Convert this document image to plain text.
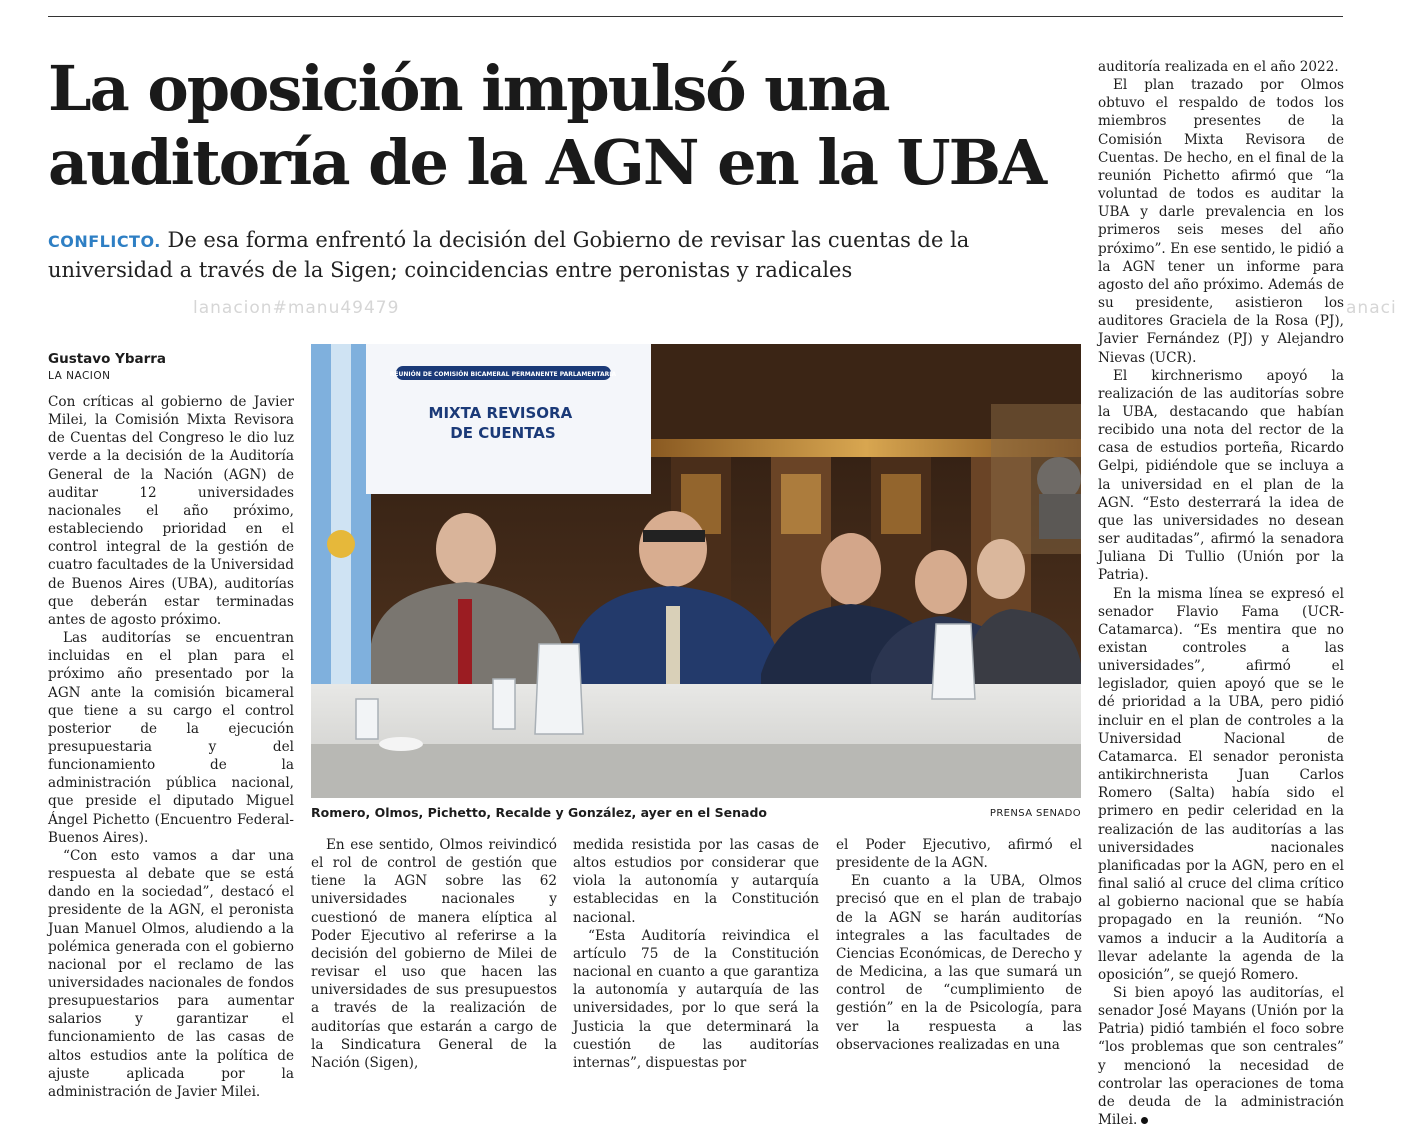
La oposición impulsó una auditoría de la AGN en la UBA

CONFLICTO. De esa forma enfrentó la decisión del Gobierno de revisar las cuentas de la universidad a través de la Sigen; coincidencias entre peronistas y radicales

lanacion#manu49479	anaci
Gustavo Ybarra
LA NACION

Con críticas al gobierno de Javier Milei, la Comisión Mixta Revisora de Cuentas del Congreso le dio luz verde a la decisión de la Auditoría General de la Nación (AGN) de auditar 12 universidades nacionales el año próximo, estableciendo prioridad en el control integral de la gestión de cuatro facultades de la Universidad de Buenos Aires (UBA), auditorías que deberán estar terminadas antes de agosto próximo.

Las auditorías se encuentran incluidas en el plan para el próximo año presentado por la AGN ante la comisión bicameral que tiene a su cargo el control posterior de la ejecución presupuestaria y del funcionamiento de la administración pública nacional, que preside el diputado Miguel Ángel Pichetto (Encuentro Federal-Buenos Aires).

“Con esto vamos a dar una respuesta al debate que se está dando en la sociedad”, destacó el presidente de la AGN, el peronista Juan Manuel Olmos, aludiendo a la polémica generada con el gobierno nacional por el reclamo de las universidades nacionales de fondos presupuestarios para aumentar salarios y garantizar el funcionamiento de las casas de altos estudios ante la política de ajuste aplicada por la administración de Javier Milei.

REUNIÓN DE COMISIÓN BICAMERAL PERMANENTE PARLAMENTARIA
MIXTA REVISORA DE CUENTAS
Romero, Olmos, Pichetto, Recalde y González, ayer en el Senado	PRENSA SENADO

En ese sentido, Olmos reivindicó el rol de control de gestión que tiene la AGN sobre las 62 universidades nacionales y cuestionó de manera elíptica al Poder Ejecutivo al referirse a la decisión del gobierno de Milei de revisar el uso que hacen las universidades de sus presupuestos a través de la realización de auditorías que estarán a cargo de la Sindicatura General de la Nación (Sigen),

medida resistida por las casas de altos estudios por considerar que viola la autonomía y autarquía establecidas en la Constitución nacional.

“Esta Auditoría reivindica el artículo 75 de la Constitución nacional en cuanto a que garantiza la autonomía y autarquía de las universidades, por lo que será la Justicia la que determinará la cuestión de las auditorías internas”, dispuestas por

el Poder Ejecutivo, afirmó el presidente de la AGN.

En cuanto a la UBA, Olmos precisó que en el plan de trabajo de la AGN se harán auditorías integrales a las facultades de Ciencias Económicas, de Derecho y de Medicina, a las que sumará un control de “cumplimiento de gestión” en la de Psicología, para ver la respuesta a las observaciones realizadas en una

auditoría realizada en el año 2022.

El plan trazado por Olmos obtuvo el respaldo de todos los miembros presentes de la Comisión Mixta Revisora de Cuentas. De hecho, en el final de la reunión Pichetto afirmó que “la voluntad de todos es auditar la UBA y darle prevalencia en los primeros seis meses del año próximo”. En ese sentido, le pidió a la AGN tener un informe para agosto del año próximo. Además de su presidente, asistieron los auditores Graciela de la Rosa (PJ), Javier Fernández (PJ) y Alejandro Nievas (UCR).

El kirchnerismo apoyó la realización de las auditorías sobre la UBA, destacando que habían recibido una nota del rector de la casa de estudios porteña, Ricardo Gelpi, pidiéndole que se incluya a la universidad en el plan de la AGN. “Esto desterrará la idea de que las universidades no desean ser auditadas”, afirmó la senadora Juliana Di Tullio (Unión por la Patria).

En la misma línea se expresó el senador Flavio Fama (UCR-Catamarca). “Es mentira que no existan controles a las universidades”, afirmó el legislador, quien apoyó que se le dé prioridad a la UBA, pero pidió incluir en el plan de controles a la Universidad Nacional de Catamarca. El senador peronista antikirchnerista Juan Carlos Romero (Salta) había sido el primero en pedir celeridad en la realización de las auditorías a las universidades nacionales planificadas por la AGN, pero en el final salió al cruce del clima crítico al gobierno nacional que se había propagado en la reunión. “No vamos a inducir a la Auditoría a llevar adelante la agenda de la oposición”, se quejó Romero.

Si bien apoyó las auditorías, el senador José Mayans (Unión por la Patria) pidió también el foco sobre “los problemas que son centrales” y mencionó la necesidad de controlar las operaciones de toma de deuda de la administración Milei.
